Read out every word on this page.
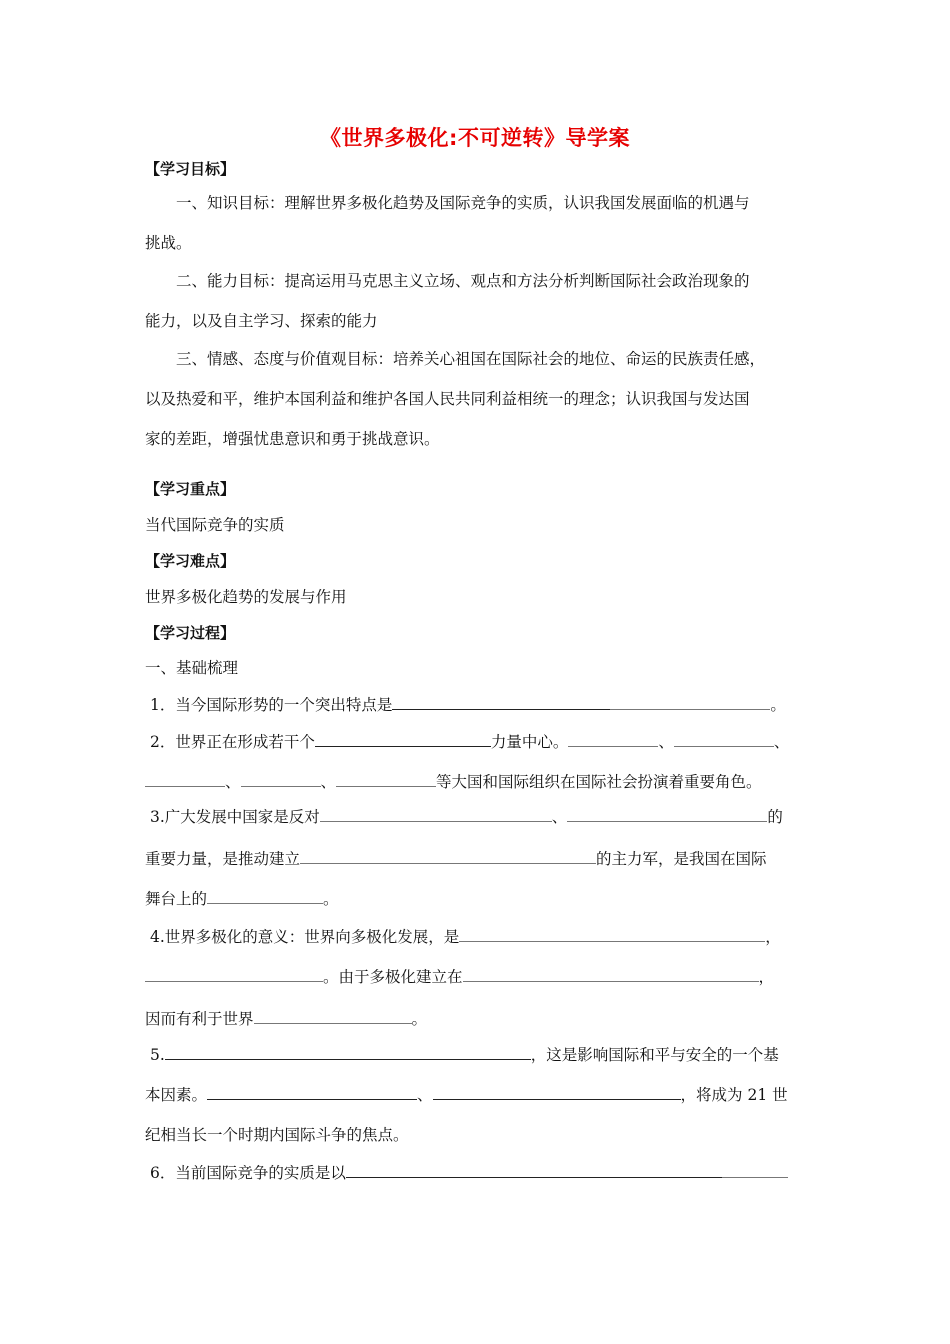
《世界多极化:不可逆转》导学案
【学习目标】
一、知识目标：理解世界多极化趋势及国际竞争的实质，认识我国发展面临的机遇与
挑战。
二、能力目标：提高运用马克思主义立场、观点和方法分析判断国际社会政治现象的
能力，以及自主学习、探索的能力
三、情感、态度与价值观目标：培养关心祖国在国际社会的地位、命运的民族责任感，
以及热爱和平，维护本国利益和维护各国人民共同利益相统一的理念；认识我国与发达国
家的差距，增强忧患意识和勇于挑战意识。
【学习重点】
当代国际竞争的实质
【学习难点】
世界多极化趋势的发展与作用
【学习过程】
一、基础梳理
1．当今国际形势的一个突出特点是	。
2．世界正在形成若干个	力量中心。	、	、
、	、	等大国和国际组织在国际社会扮演着重要角色。
3.广大发展中国家是反对	、	的
重要力量，是推动建立	的主力军，是我国在国际
舞台上的	。
4.世界多极化的意义：世界向多极化发展，是	，
。由于多极化建立在	，
因而有利于世界	。
5.	，这是影响国际和平与安全的一个基
本因素。	、	，将成为 21 世
纪相当长一个时期内国际斗争的焦点。
6．当前国际竞争的实质是以
